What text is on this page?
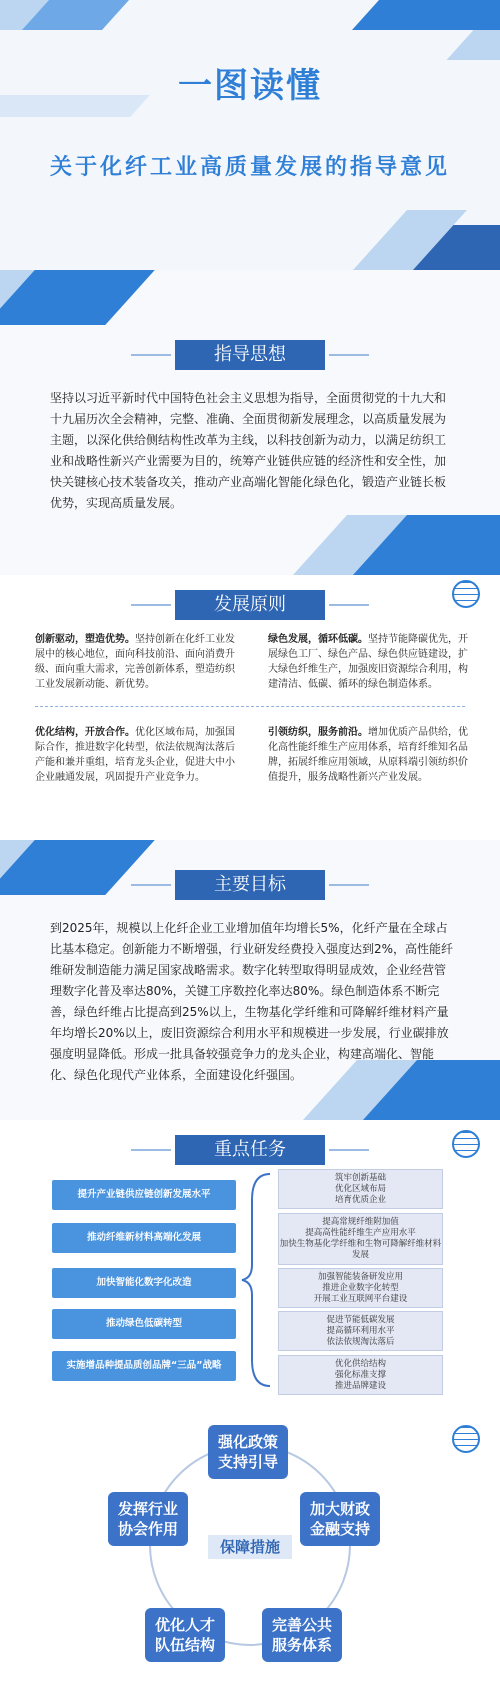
一图读懂
关于化纤工业高质量发展的指导意见
指导思想
坚持以习近平新时代中国特色社会主义思想为指导，全面贯彻党的十九大和十九届历次全会精神，完整、准确、全面贯彻新发展理念，以高质量发展为主题，以深化供给侧结构性改革为主线，以科技创新为动力，以满足纺织工业和战略性新兴产业需要为目的，统筹产业链供应链的经济性和安全性，加快关键核心技术装备攻关，推动产业高端化智能化绿色化，锻造产业链长板优势，实现高质量发展。
发展原则
创新驱动，塑造优势。坚持创新在化纤工业发展中的核心地位，面向科技前沿、面向消费升级、面向重大需求，完善创新体系，塑造纺织工业发展新动能、新优势。
绿色发展，循环低碳。坚持节能降碳优先，开展绿色工厂、绿色产品、绿色供应链建设，扩大绿色纤维生产，加强废旧资源综合利用，构建清洁、低碳、循环的绿色制造体系。
优化结构，开放合作。优化区域布局，加强国际合作，推进数字化转型，依法依规淘汰落后产能和兼并重组，培育龙头企业，促进大中小企业融通发展，巩固提升产业竞争力。
引领纺织，服务前沿。增加优质产品供给，优化高性能纤维生产应用体系，培育纤维知名品牌，拓展纤维应用领域，从原料端引领纺织价值提升，服务战略性新兴产业发展。
主要目标
到2025年，规模以上化纤企业工业增加值年均增长5%，化纤产量在全球占比基本稳定。创新能力不断增强，行业研发经费投入强度达到2%，高性能纤维研发制造能力满足国家战略需求。数字化转型取得明显成效，企业经营管理数字化普及率达80%，关键工序数控化率达80%。绿色制造体系不断完善，绿色纤维占比提高到25%以上，生物基化学纤维和可降解纤维材料产量年均增长20%以上，废旧资源综合利用水平和规模进一步发展，行业碳排放强度明显降低。形成一批具备较强竞争力的龙头企业，构建高端化、智能化、绿色化现代产业体系，全面建设化纤强国。
重点任务
提升产业链供应链创新发展水平
推动纤维新材料高端化发展
加快智能化数字化改造
推动绿色低碳转型
实施增品种提品质创品牌“三品”战略
筑牢创新基础
优化区域布局
培育优质企业
提高常规纤维附加值
提高高性能纤维生产应用水平
加快生物基化学纤维和生物可降解纤维材料发展
加强智能装备研发应用
推进企业数字化转型
开展工业互联网平台建设
促进节能低碳发展
提高循环利用水平
依法依规淘汰落后
优化供给结构
强化标准支撑
推进品牌建设
强化政策
支持引导
加大财政
金融支持
完善公共
服务体系
优化人才
队伍结构
发挥行业
协会作用
保障措施
